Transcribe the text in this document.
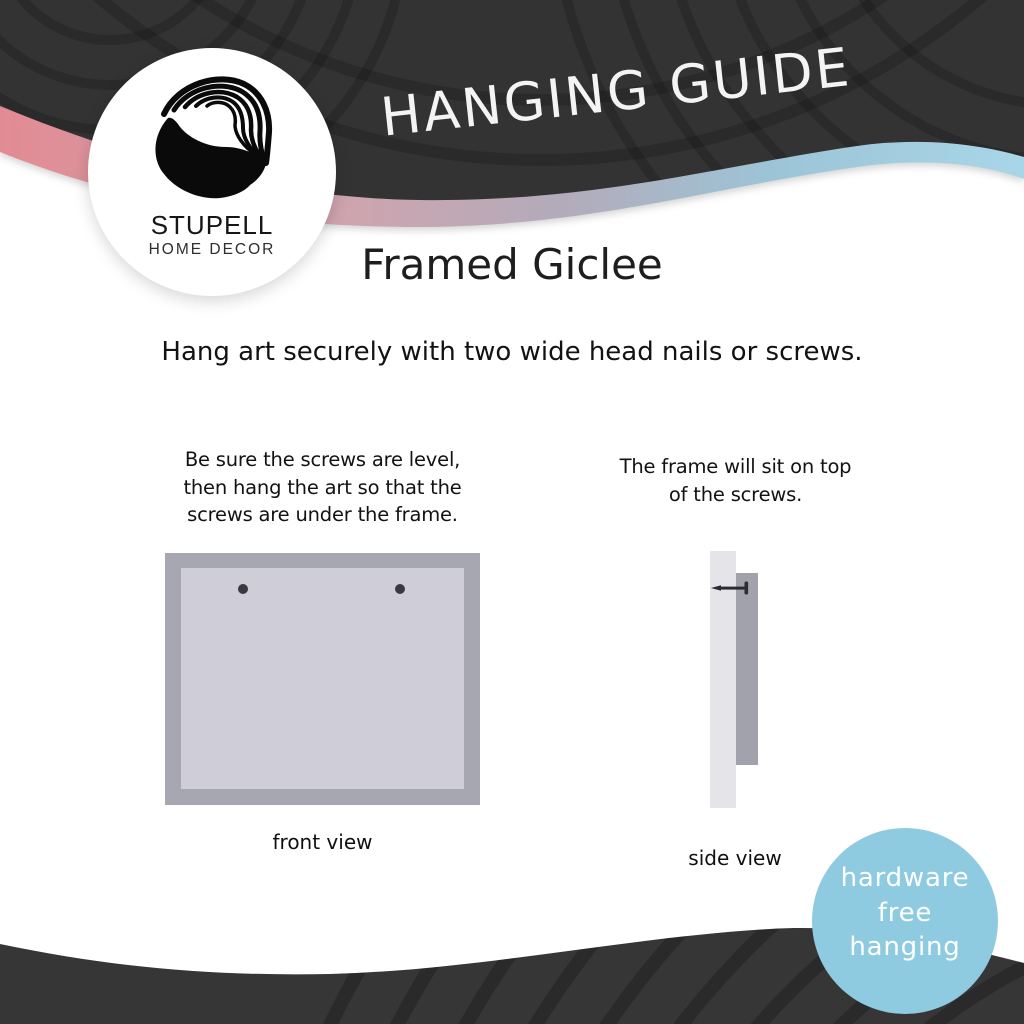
HANGING GUIDE
STUPELL
HOME DECOR	Framed Giclee

Hang art securely with two wide head nails or screws.

Be sure the screws are level,
then hang the art so that the
screws are under the frame.
front view
The frame will sit on top
of the screws.
side view
hardware
free
hanging
